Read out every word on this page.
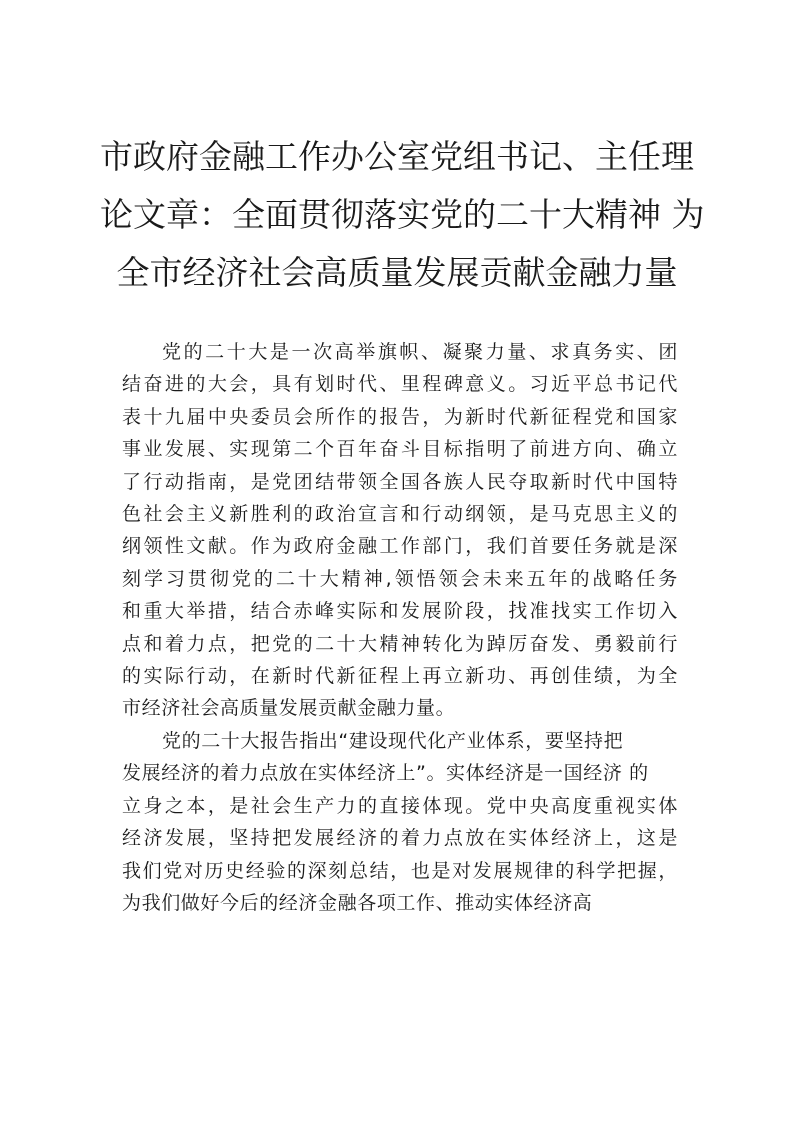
市政府金融工作办公室党组书记、主任理
论文章：全面贯彻落实党的二十大精神 为
全市经济社会高质量发展贡献金融力量

党的二十大是一次高举旗帜、凝聚力量、求真务实、团
结奋进的大会，具有划时代、里程碑意义。习近平总书记代
表十九届中央委员会所作的报告，为新时代新征程党和国家
事业发展、实现第二个百年奋斗目标指明了前进方向、确立
了行动指南，是党团结带领全国各族人民夺取新时代中国特
色社会主义新胜利的政治宣言和行动纲领，是马克思主义的
纲领性文献。作为政府金融工作部门，我们首要任务就是深
刻学习贯彻党的二十大精神,领悟领会未来五年的战略任务
和重大举措，结合赤峰实际和发展阶段，找准找实工作切入
点和着力点，把党的二十大精神转化为踔厉奋发、勇毅前行
的实际行动，在新时代新征程上再立新功、再创佳绩，为全
市经济社会高质量发展贡献金融力量。

党的二十大报告指出“建设现代化产业体系，要坚持把
发展经济的着力点放在实体经济上”。实体经济是一国经济 的
立身之本，是社会生产力的直接体现。党中央高度重视实体
经济发展，坚持把发展经济的着力点放在实体经济上，这是
我们党对历史经验的深刻总结，也是对发展规律的科学把握，
为我们做好今后的经济金融各项工作、推动实体经济高
